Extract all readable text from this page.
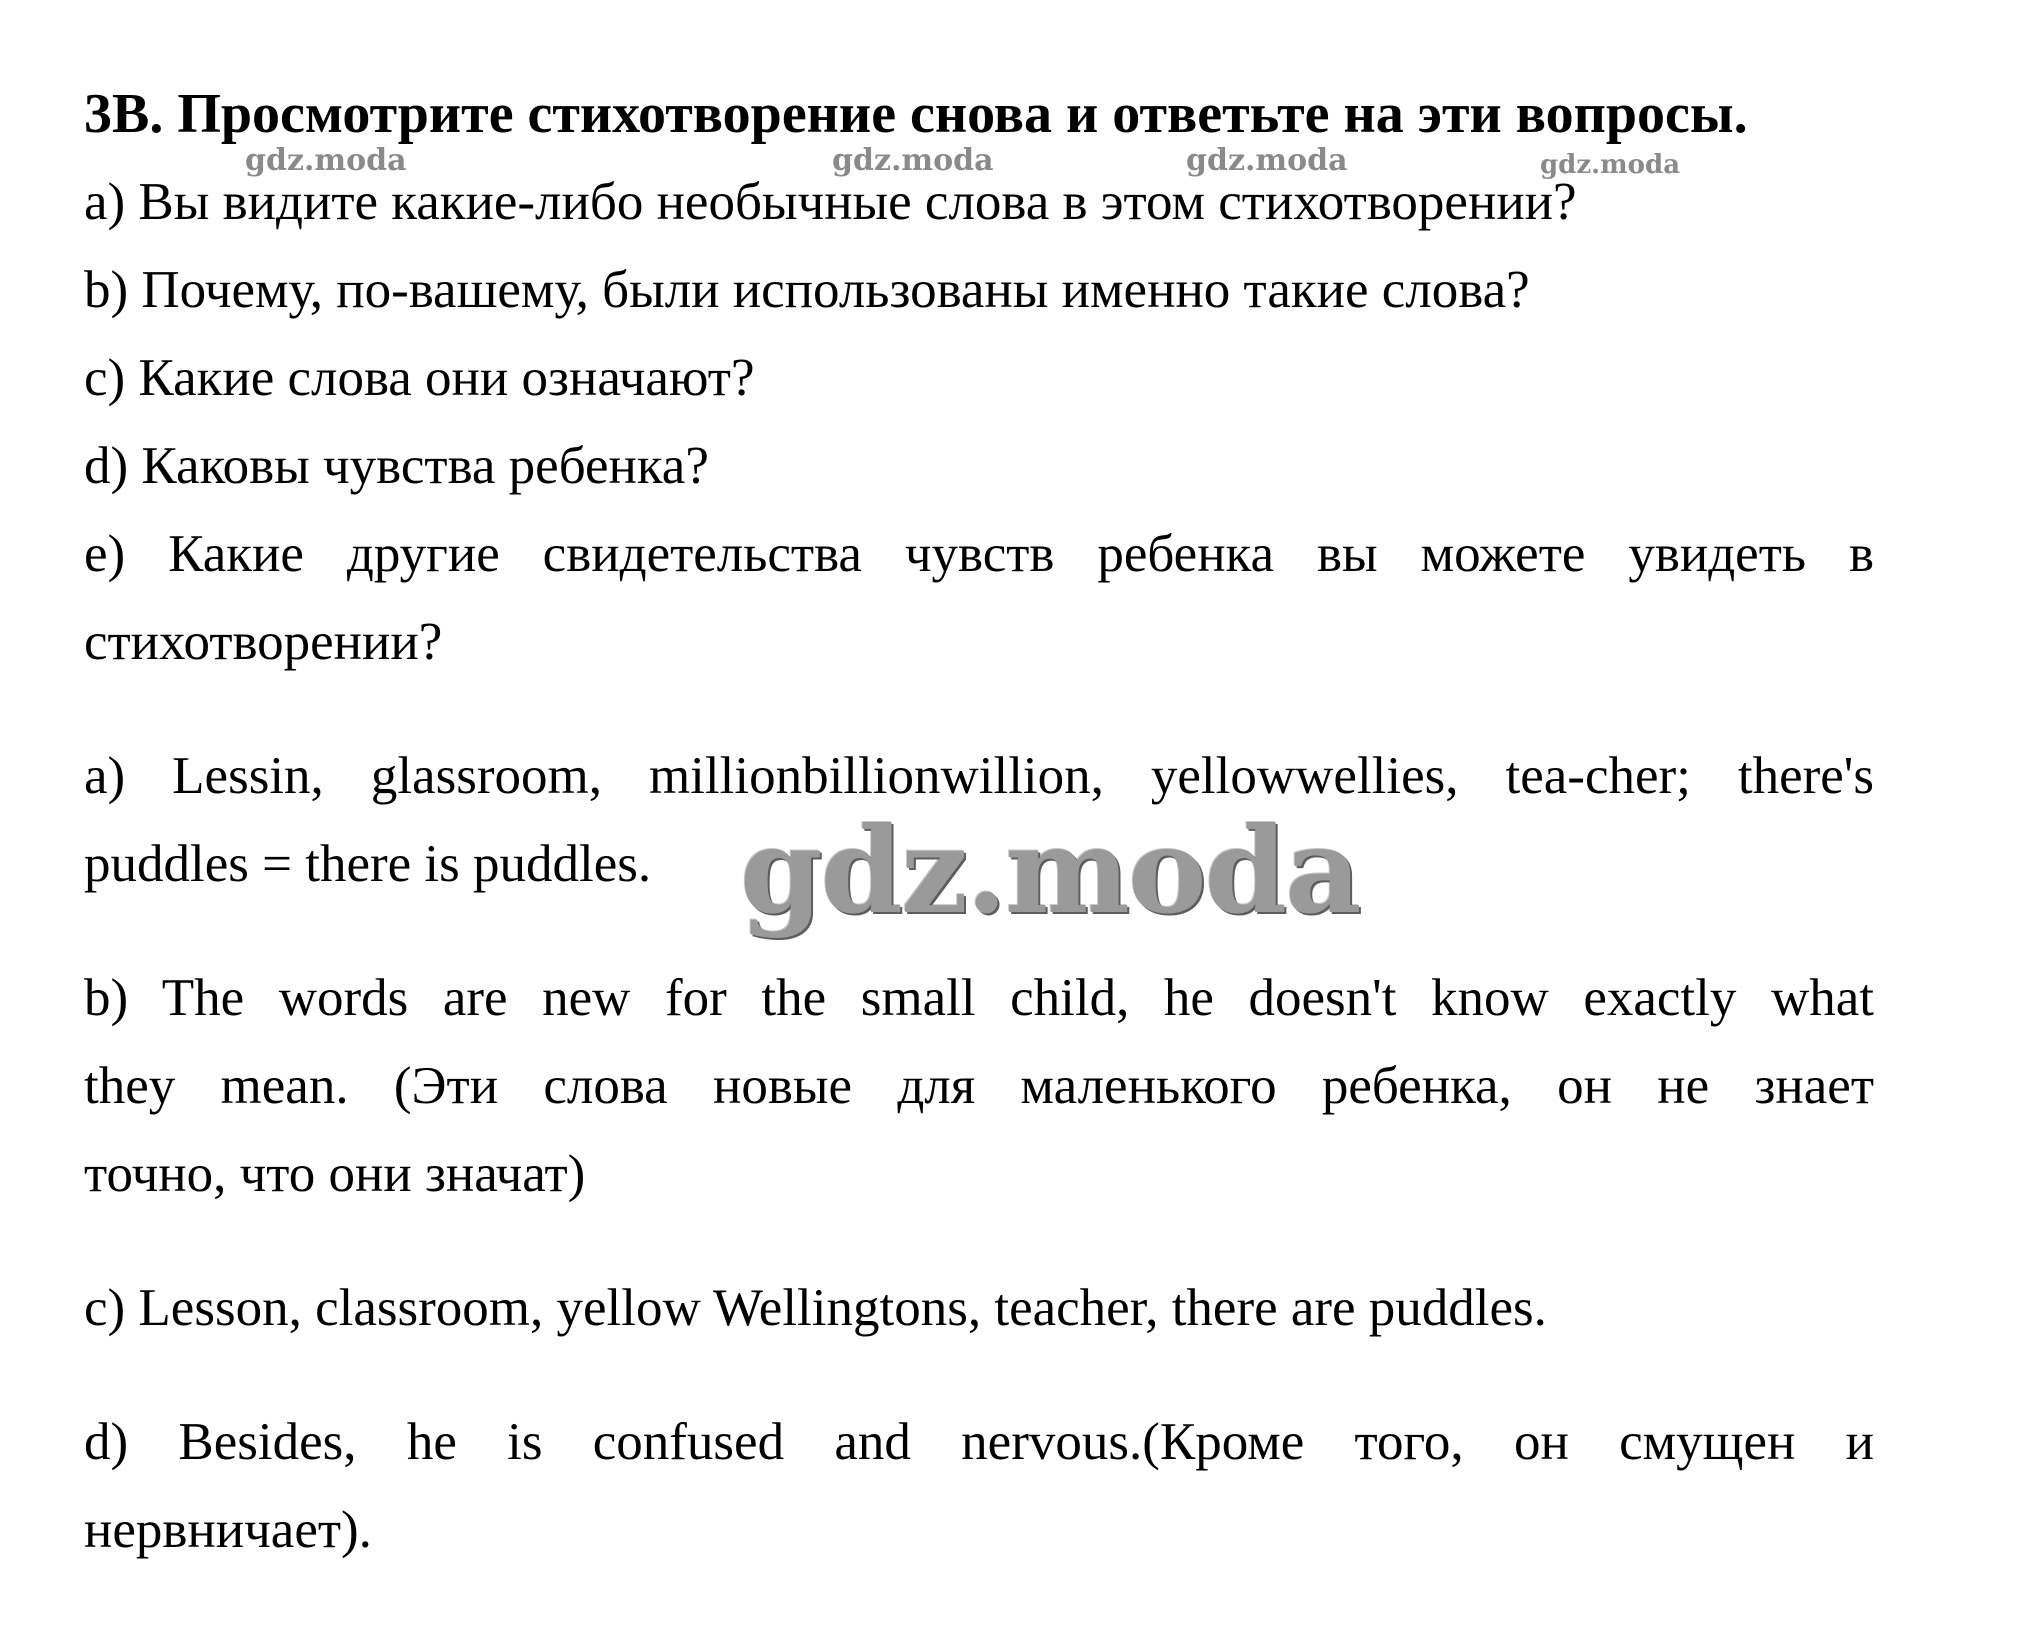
3В. Просмотрите стихотворение снова и ответьте на эти вопросы.
gdz.moda	gdz.moda	gdz.moda	gdz.moda
а) Вы видите какие-либо необычные слова в этом стихотворении?
b) Почему, по-вашему, были использованы именно такие слова?
с) Какие слова они означают?
d) Каковы чувства ребенка?
е) Какие другие свидетельства чувств ребенка вы можете увидеть в
стихотворении?
a) Lessin, glassroom, millionbillionwillion, yellowwellies, tea-cher; there's
puddles = there is puddles. gdz.moda
b) The words are new for the small child, he doesn't know exactly what
they mean. (Эти слова новые для маленького ребенка, он не знает
точно, что они значат)
c) Lesson, classroom, yellow Wellingtons, teacher, there are puddles.
d) Besides, he is confused and nervous.(Кроме того, он смущен и
нервничает).
